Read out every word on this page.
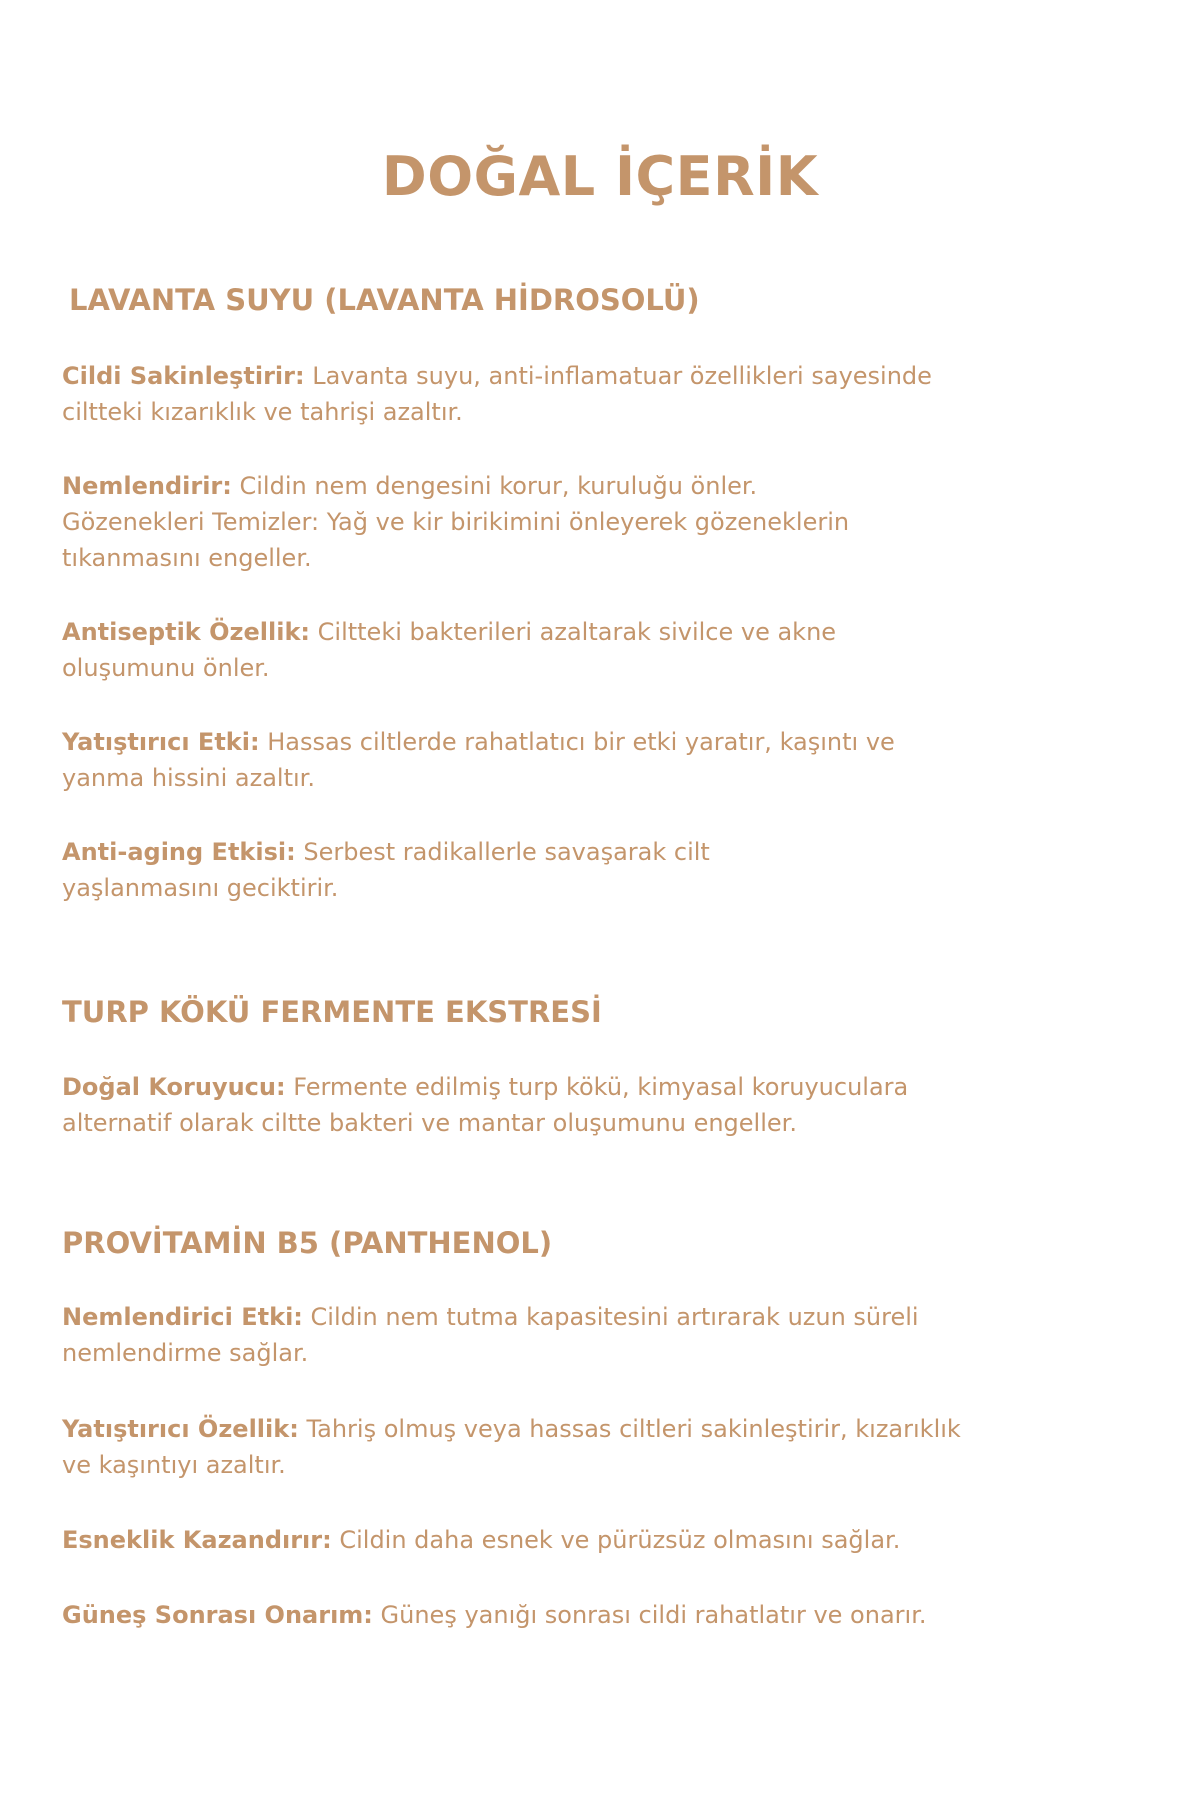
DOĞAL İÇERİK
LAVANTA SUYU (LAVANTA HİDROSOLÜ)

Cildi Sakinleştirir: Lavanta suyu, anti-inflamatuar özellikleri sayesinde
ciltteki kızarıklık ve tahrişi azaltır.

Nemlendirir: Cildin nem dengesini korur, kuruluğu önler.
Gözenekleri Temizler: Yağ ve kir birikimini önleyerek gözeneklerin
tıkanmasını engeller.

Antiseptik Özellik: Ciltteki bakterileri azaltarak sivilce ve akne
oluşumunu önler.

Yatıştırıcı Etki: Hassas ciltlerde rahatlatıcı bir etki yaratır, kaşıntı ve
yanma hissini azaltır.

Anti-aging Etkisi: Serbest radikallerle savaşarak cilt
yaşlanmasını geciktirir.

TURP KÖKÜ FERMENTE EKSTRESİ

Doğal Koruyucu: Fermente edilmiş turp kökü, kimyasal koruyuculara
alternatif olarak ciltte bakteri ve mantar oluşumunu engeller.

PROVİTAMİN B5 (PANTHENOL)

Nemlendirici Etki: Cildin nem tutma kapasitesini artırarak uzun süreli
nemlendirme sağlar.

Yatıştırıcı Özellik: Tahriş olmuş veya hassas ciltleri sakinleştirir, kızarıklık
ve kaşıntıyı azaltır.

Esneklik Kazandırır: Cildin daha esnek ve pürüzsüz olmasını sağlar.

Güneş Sonrası Onarım: Güneş yanığı sonrası cildi rahatlatır ve onarır.
